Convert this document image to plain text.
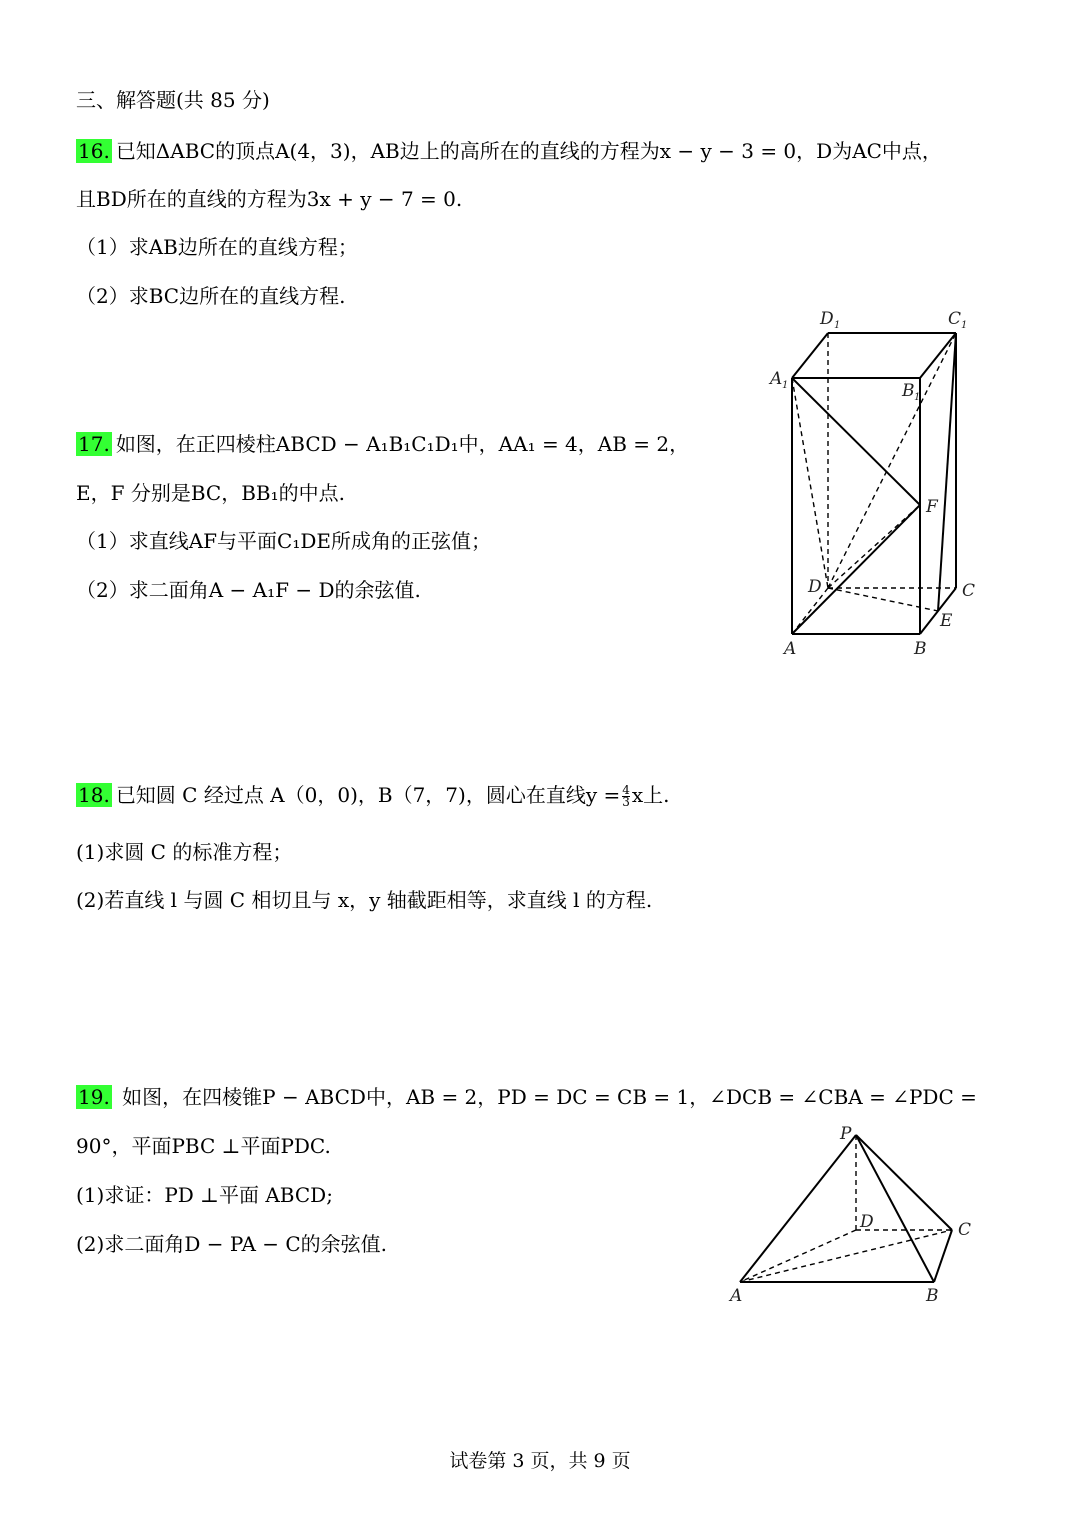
三、解答题(共 85 分)
16. 已知ΔABC的顶点A(4，3)，AB边上的高所在的直线的方程为x − y − 3 = 0，D为AC中点，
且BD所在的直线的方程为3x + y − 7 = 0.
（1）求AB边所在的直线方程；
（2）求BC边所在的直线方程.
17. 如图，在正四棱柱ABCD − A₁B₁C₁D₁中，AA₁ = 4，AB = 2，
E，F 分别是BC，BB₁的中点.
（1）求直线AF与平面C₁DE所成角的正弦值；
（2）求二面角A − A₁F − D的余弦值.
D 1	C 1
A 1	B 1
F
D	C
E
A	B
18. 已知圆 C 经过点 A（0，0)，B（7，7)，圆心在直线$y = \frac{4}{3}$ x上.
(1)求圆 C 的标准方程；
(2)若直线 l 与圆 C 相切且与 x，y 轴截距相等，求直线 l 的方程.
19. 如图，在四棱锥P − ABCD中，AB = 2，PD = DC = CB = 1，∠DCB = ∠CBA = ∠PDC =
90°，平面PBC ⊥平面PDC.
(1)求证：PD ⊥平面 ABCD;
(2)求二面角D − PA − C的余弦值.
P
D	C
A	B
试卷第 3 页，共 9 页
